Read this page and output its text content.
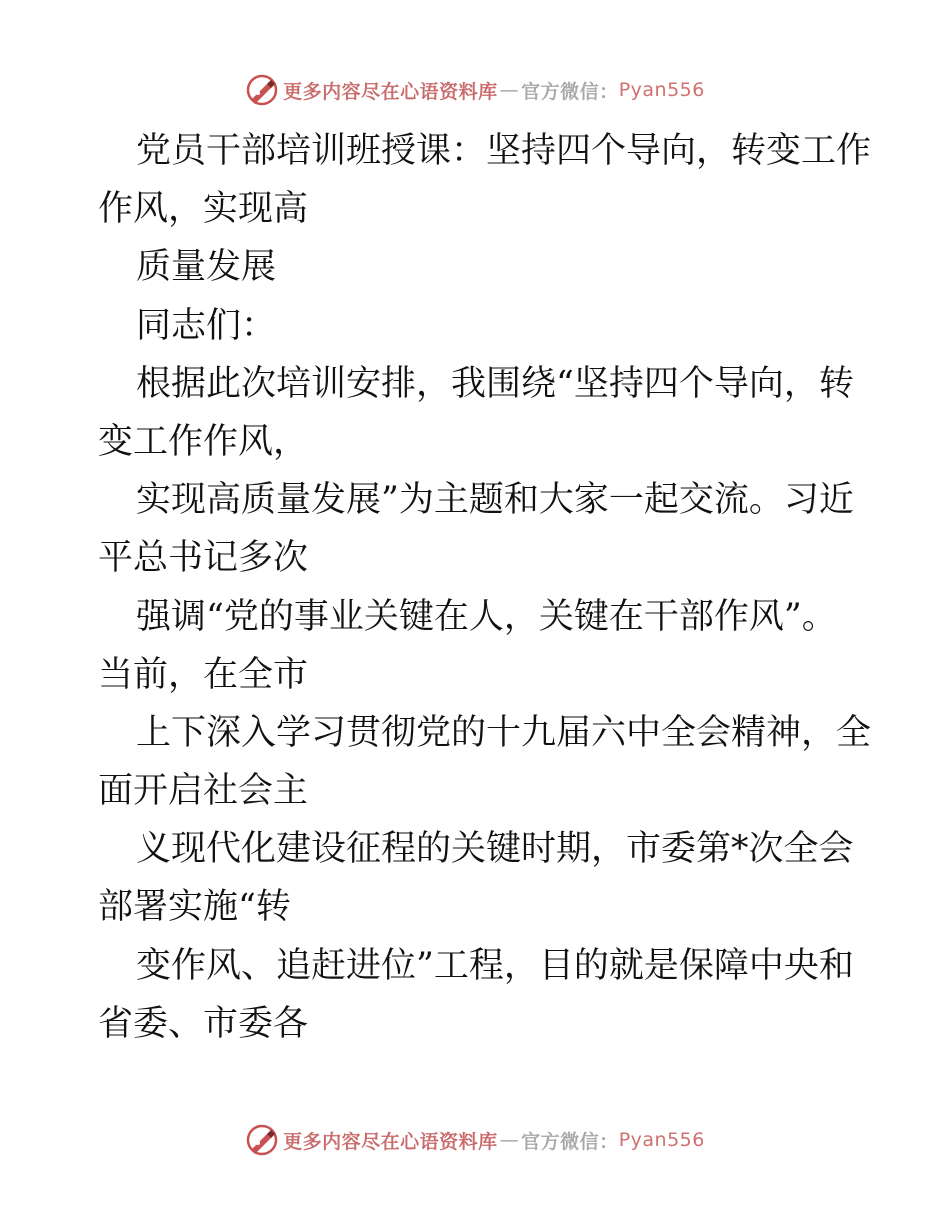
更多内容尽在心语资料库 — 官方微信： Pyan556
党员干部培训班授课：坚持四个导向，转变工作
作风，实现高
质量发展
同志们：
根据此次培训安排，我围绕“坚持四个导向，转
变工作作风，
实现高质量发展”为主题和大家一起交流。习近
平总书记多次
强调“党的事业关键在人，关键在干部作风”。
当前，在全市
上下深入学习贯彻党的十九届六中全会精神，全
面开启社会主
义现代化建设征程的关键时期，市委第*次全会
部署实施“转
变作风、追赶进位”工程，目的就是保障中央和
省委、市委各
更多内容尽在心语资料库 — 官方微信： Pyan556
